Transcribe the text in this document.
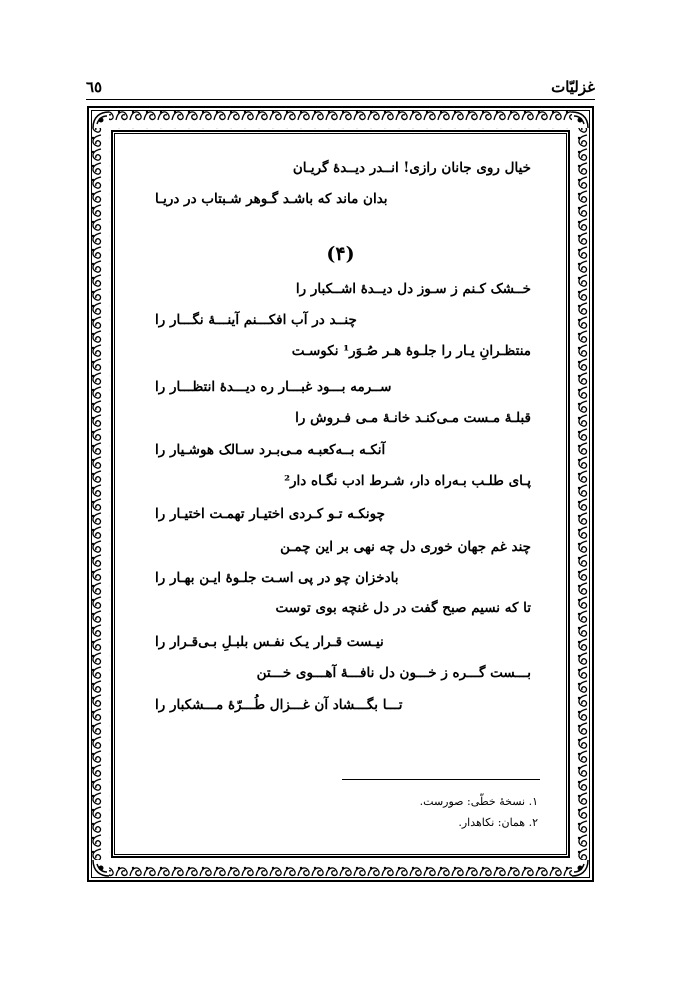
غزلیّات
٦٥
خیال روی جانان رازی! انــدر دیــدهٔ گریـان
بدان ماند که باشـد گـوهر شـبتاب در دریـا
(۴)
خــشک کـنم ز سـوز دل دیــدهٔ اشــکبار را
چنــد در آب افکـــنم آینـــهٔ نگـــار را
منتظـرانِ یـار را جلـوهٔ هـر صُـوَر¹ نکوسـت
ســرمه بـــود غبـــار ره دیـــدهٔ انتظـــار را
قبلـهٔ مـست مـی‌کنـد خانـهٔ مـی فـروش را
آنکـه بــه‌کعبـه مـی‌بـرد سـالک هوشـیار را
پـای طلـب بـه‌راه دار، شـرط ادب نگـاه دار²
چونکـه تـو کـردی اختیـار تهمـت اختیـار را
چند غم جهان خوری دل چه نهی بر این چمـن
بادخزان چو در پی اسـت جلـوهٔ ایـن بهـار را
تا که نسیم صبح گفت در دل غنچه بوی توست
نیـست قـرار یـک نفـس بلبـلِ بـی‌قـرار را
بـــست گـــره ز خـــون دل نافـــهٔ آهـــوی خـــتن
تـــا بگـــشاد آن غـــزال طُـــرّهٔ مـــشکبار را
۱. نسخهٔ خطّی: صورست.
۲. همان: نکاهدار.
